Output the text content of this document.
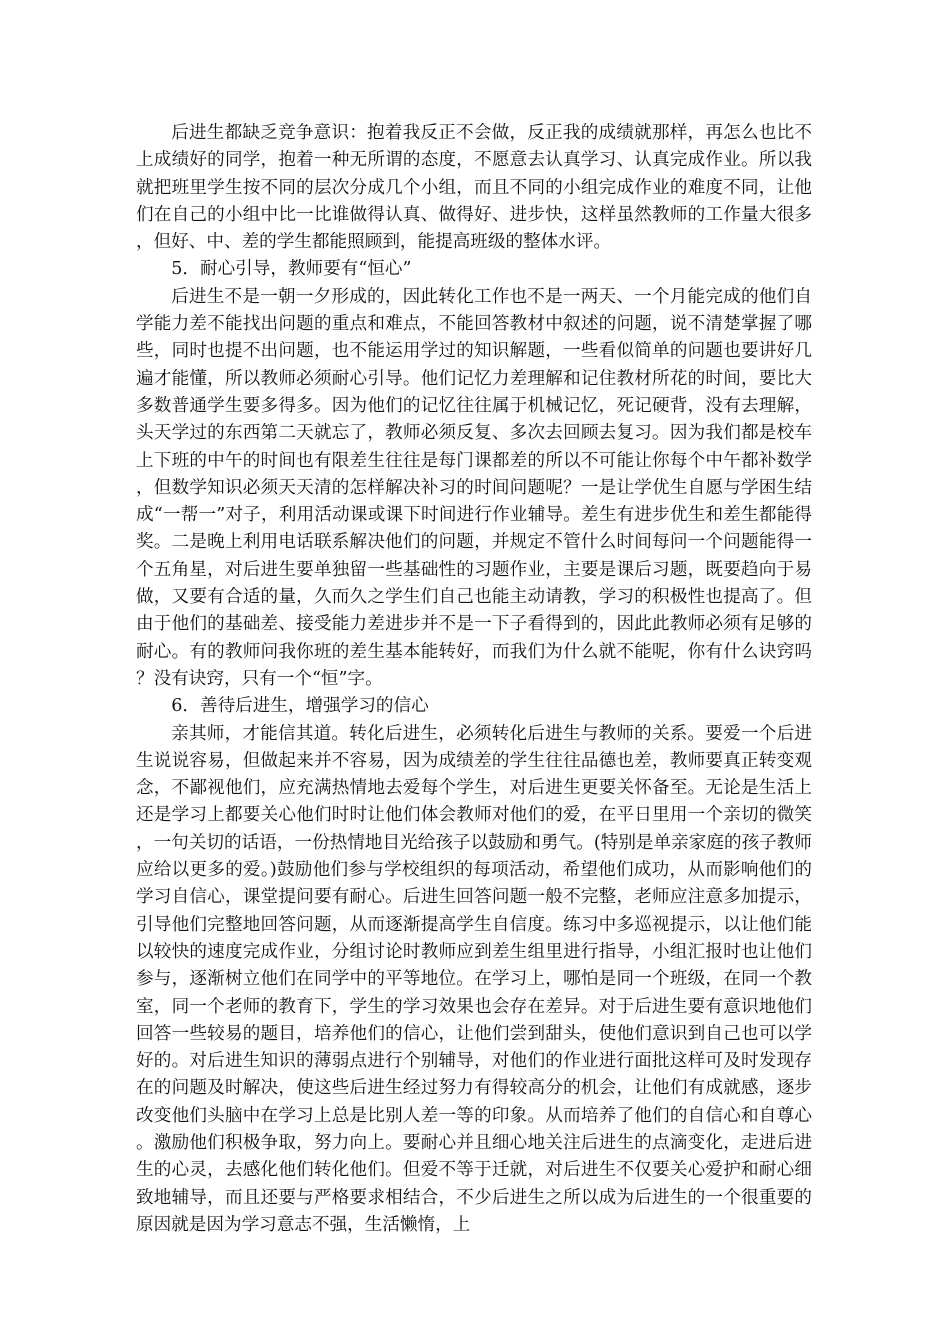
后进生都缺乏竞争意识：抱着我反正不会做，反正我的成绩就那样，再怎么也比不上成绩好的同学，抱着一种无所谓的态度，不愿意去认真学习、认真完成作业。所以我就把班里学生按不同的层次分成几个小组，而且不同的小组完成作业的难度不同，让他们在自己的小组中比一比谁做得认真、做得好、进步快，这样虽然教师的工作量大很多，但好、中、差的学生都能照顾到，能提高班级的整体水评。

5．耐心引导，教师要有“恒心”

后进生不是一朝一夕形成的，因此转化工作也不是一两天、一个月能完成的他们自学能力差不能找出问题的重点和难点，不能回答教材中叙述的问题，说不清楚掌握了哪些，同时也提不出问题，也不能运用学过的知识解题，一些看似简单的问题也要讲好几遍才能懂，所以教师必须耐心引导。他们记忆力差理解和记住教材所花的时间，要比大多数普通学生要多得多。因为他们的记忆往往属于机械记忆，死记硬背，没有去理解，头天学过的东西第二天就忘了，教师必须反复、多次去回顾去复习。因为我们都是校车上下班的中午的时间也有限差生往往是每门课都差的所以不可能让你每个中午都补数学，但数学知识必须天天清的怎样解决补习的时间问题呢？一是让学优生自愿与学困生结成“一帮一”对子，利用活动课或课下时间进行作业辅导。差生有进步优生和差生都能得奖。二是晚上利用电话联系解决他们的问题，并规定不管什么时间每问一个问题能得一个五角星，对后进生要单独留一些基础性的习题作业，主要是课后习题，既要趋向于易做，又要有合适的量，久而久之学生们自己也能主动请教，学习的积极性也提高了。但由于他们的基础差、接受能力差进步并不是一下子看得到的，因此此教师必须有足够的耐心。有的教师问我你班的差生基本能转好，而我们为什么就不能呢，你有什么诀窍吗？没有诀窍，只有一个“恒”字。

6．善待后进生，增强学习的信心

亲其师，才能信其道。转化后进生，必须转化后进生与教师的关系。要爱一个后进生说说容易，但做起来并不容易，因为成绩差的学生往往品德也差，教师要真正转变观念，不鄙视他们，应充满热情地去爱每个学生，对后进生更要关怀备至。无论是生活上还是学习上都要关心他们时时让他们体会教师对他们的爱，在平日里用一个亲切的微笑，一句关切的话语，一份热情地目光给孩子以鼓励和勇气。(特别是单亲家庭的孩子教师应给以更多的爱。)鼓励他们参与学校组织的每项活动，希望他们成功，从而影响他们的学习自信心，课堂提问要有耐心。后进生回答问题一般不完整，老师应注意多加提示，引导他们完整地回答问题，从而逐渐提高学生自信度。练习中多巡视提示，以让他们能以较快的速度完成作业，分组讨论时教师应到差生组里进行指导，小组汇报时也让他们参与，逐渐树立他们在同学中的平等地位。在学习上，哪怕是同一个班级，在同一个教室，同一个老师的教育下，学生的学习效果也会存在差异。对于后进生要有意识地他们回答一些较易的题目，培养他们的信心，让他们尝到甜头，使他们意识到自己也可以学好的。对后进生知识的薄弱点进行个别辅导，对他们的作业进行面批这样可及时发现存在的问题及时解决，使这些后进生经过努力有得较高分的机会，让他们有成就感，逐步改变他们头脑中在学习上总是比别人差一等的印象。从而培养了他们的自信心和自尊心。激励他们积极争取，努力向上。要耐心并且细心地关注后进生的点滴变化，走进后进生的心灵，去感化他们转化他们。但爱不等于迁就，对后进生不仅要关心爱护和耐心细致地辅导，而且还要与严格要求相结合，不少后进生之所以成为后进生的一个很重要的原因就是因为学习意志不强，生活懒惰，上
